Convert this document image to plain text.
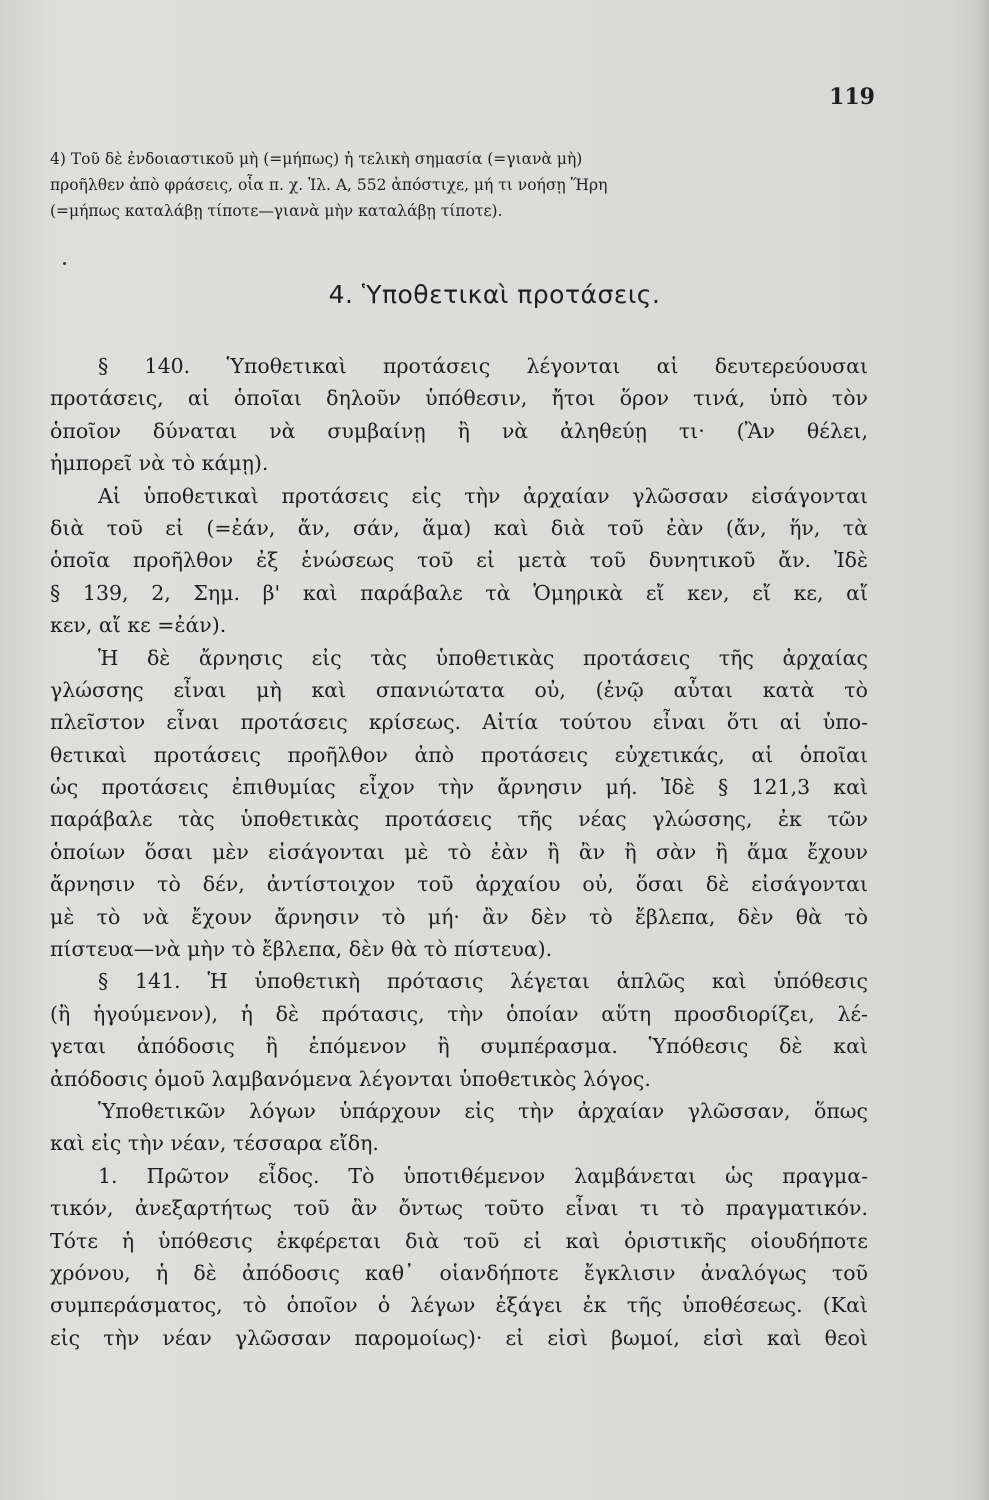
119
4) Τοῦ δὲ ἐνδοιαστικοῦ μὴ (=μήπως) ἡ τελικὴ σημασία (=γιανὰ μὴ)
προῆλθεν ἀπὸ φράσεις, οἷα π. χ. Ἰλ. Α, 552 ἀπόστιχε, μή τι νοήσῃ Ἥρη
(=μήπως καταλάβῃ τίποτε—γιανὰ μὴν καταλάβῃ τίποτε).
4. Ὑποθετικαὶ προτάσεις.
§ 140. Ὑποθετικαὶ προτάσεις λέγονται αἱ δευτερεύουσαι
προτάσεις, αἱ ὁποῖαι δηλοῦν ὑπόθεσιν, ἤτοι ὅρον τινά, ὑπὸ τὸν
ὁποῖον δύναται νὰ συμβαίνῃ ἢ νὰ ἀληθεύῃ τι· (Ἂν θέλει,
ἠμπορεῖ νὰ τὸ κάμῃ).
Αἱ ὑποθετικαὶ προτάσεις εἰς τὴν ἀρχαίαν γλῶσσαν εἰσάγονται
διὰ τοῦ εἰ (=ἐάν, ἄν, σάν, ἅμα) καὶ διὰ τοῦ ἐὰν (ἄν, ἥν, τὰ
ὁποῖα προῆλθον ἐξ ἑνώσεως τοῦ εἰ μετὰ τοῦ δυνητικοῦ ἄν. Ἰδὲ
§ 139, 2, Σημ. β' καὶ παράβαλε τὰ Ὁμηρικὰ εἴ κεν, εἴ κε, αἴ
κεν, αἴ κε =ἐάν).
Ἡ δὲ ἄρνησις εἰς τὰς ὑποθετικὰς προτάσεις τῆς ἀρχαίας
γλώσσης εἶναι μὴ καὶ σπανιώτατα οὐ, (ἐνῷ αὗται κατὰ τὸ
πλεῖστον εἶναι προτάσεις κρίσεως. Αἰτία τούτου εἶναι ὅτι αἱ ὑπο-
θετικαὶ προτάσεις προῆλθον ἀπὸ προτάσεις εὐχετικάς, αἱ ὁποῖαι
ὡς προτάσεις ἐπιθυμίας εἶχον τὴν ἄρνησιν μή. Ἰδὲ § 121,3 καὶ
παράβαλε τὰς ὑποθετικὰς προτάσεις τῆς νέας γλώσσης, ἐκ τῶν
ὁποίων ὅσαι μὲν εἰσάγονται μὲ τὸ ἐὰν ἢ ἂν ἢ σὰν ἢ ἅμα ἔχουν
ἄρνησιν τὸ δέν, ἀντίστοιχον τοῦ ἀρχαίου οὐ, ὅσαι δὲ εἰσάγονται
μὲ τὸ νὰ ἔχουν ἄρνησιν τὸ μή· ἂν δὲν τὸ ἔβλεπα, δὲν θὰ τὸ
πίστευα—νὰ μὴν τὸ ἔβλεπα, δὲν θὰ τὸ πίστευα).
§ 141. Ἡ ὑποθετικὴ πρότασις λέγεται ἁπλῶς καὶ ὑπόθεσις
(ἢ ἡγούμενον), ἡ δὲ πρότασις, τὴν ὁποίαν αὕτη προσδιορίζει, λέ-
γεται ἀπόδοσις ἢ ἑπόμενον ἢ συμπέρασμα. Ὑπόθεσις δὲ καὶ
ἀπόδοσις ὁμοῦ λαμβανόμενα λέγονται ὑποθετικὸς λόγος.
Ὑποθετικῶν λόγων ὑπάρχουν εἰς τὴν ἀρχαίαν γλῶσσαν, ὅπως
καὶ εἰς τὴν νέαν, τέσσαρα εἴδη.
1. Πρῶτον εἶδος. Τὸ ὑποτιθέμενον λαμβάνεται ὡς πραγμα-
τικόν, ἀνεξαρτήτως τοῦ ἂν ὄντως τοῦτο εἶναι τι τὸ πραγματικόν.
Τότε ἡ ὑπόθεσις ἐκφέρεται διὰ τοῦ εἰ καὶ ὁριστικῆς οἱουδήποτε
χρόνου, ἡ δὲ ἀπόδοσις καθ᾽ οἱανδήποτε ἔγκλισιν ἀναλόγως τοῦ
συμπεράσματος, τὸ ὁποῖον ὁ λέγων ἐξάγει ἐκ τῆς ὑποθέσεως. (Καὶ
εἰς τὴν νέαν γλῶσσαν παρομοίως)· εἰ εἰσὶ βωμοί, εἰσὶ καὶ θεοὶ
